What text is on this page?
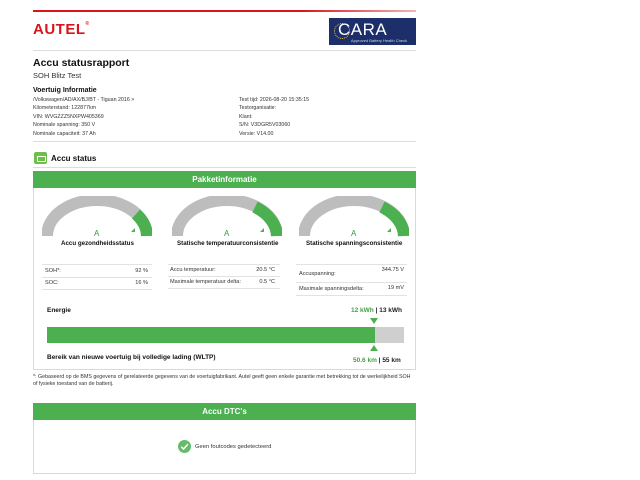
AUTEL®	CARA
Approved Battery Health Check
Accu statusrapport
SOH Blitz Test
Voertuig Informatie
/Volkswagen/AD/AX/BJ/BT - Tiguan 2016 >
Kilometerstand: 122877km
VIN: WVGZZZ5NXPW405369
Nominale spanning: 350 V
Nominale capaciteit: 37 Ah
Test tijd: 2026-08-20 15:35:15
Testorganisatie:
Klant:
S/N: V3DGR5V03060
Versie: V14.00
Accu status
Pakketinformatie
A
Accu gezondheidsstatus
A
Statische temperatuurconsistentie
A
Statische spanningsconsistentie
SOH*:	92 %
SOC:	16 %
Accu temperatuur:	20.5 °C
Maximale temperatuur delta:	0.5 °C
Accuspanning:
344.75 V
Maximale spanningsdelta:	19 mV
Energie	12 kWh | 13 kWh
Bereik van nieuwe voertuig bij volledige lading (WLTP)	50.6 km | 55 km
*: Gebaseerd op de BMS gegevens of gerelateerde gegevens van de voertuigfabrikant. Autel geeft geen enkele garantie met betrekking tot de werkelijkheid SOH of fysieke toestand van de batterij.
Accu DTC's
Geen foutcodes gedetecteerd
